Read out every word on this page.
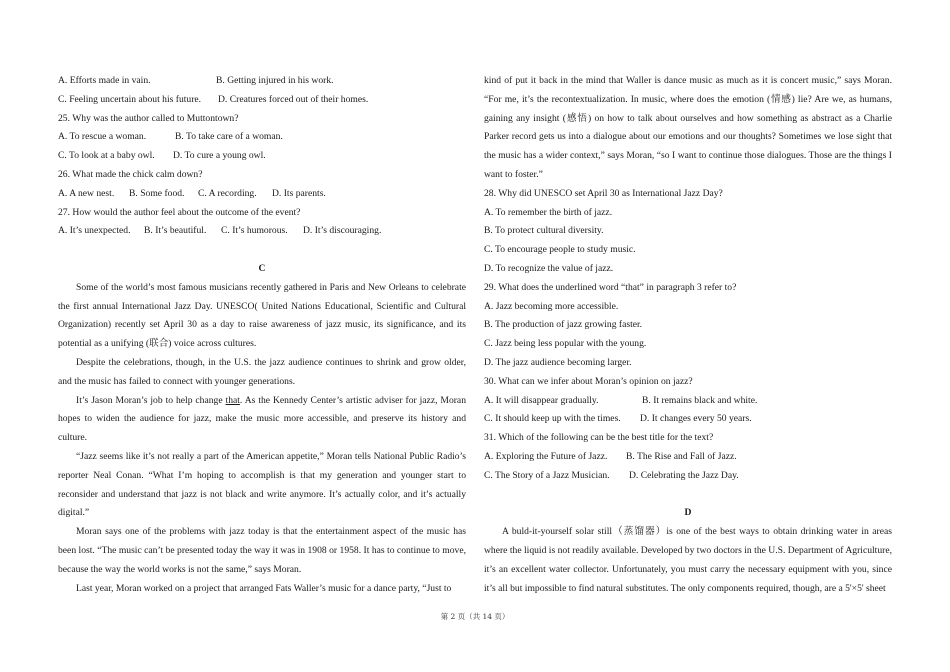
A. Efforts made in vain.	B. Getting injured in his work.
C. Feeling uncertain about his future. D. Creatures forced out of their homes.
25. Why was the author called to Muttontown?
A. To rescue a woman.	B. To take care of a woman.
C. To look at a baby owl. D. To cure a young owl.
26. What made the chick calm down?
A. A new nest. B. Some food. C. A recording. D. Its parents.
27. How would the author feel about the outcome of the event?
A. It’s unexpected. B. It’s beautiful. C. It’s humorous. D. It’s discouraging.
C

Some of the world’s most famous musicians recently gathered in Paris and New Orleans to celebrate the first annual International Jazz Day. UNESCO( United Nations Educational, Scientific and Cultural Organization) recently set April 30 as a day to raise awareness of jazz music, its significance, and its potential as a unifying (联合) voice across cultures.

Despite the celebrations, though, in the U.S. the jazz audience continues to shrink and grow older, and the music has failed to connect with younger generations.

It’s Jason Moran’s job to help change that. As the Kennedy Center’s artistic adviser for jazz, Moran hopes to widen the audience for jazz, make the music more accessible, and preserve its history and culture.

“Jazz seems like it’s not really a part of the American appetite,” Moran tells National Public Radio’s reporter Neal Conan. “What I’m hoping to accomplish is that my generation and younger start to reconsider and understand that jazz is not black and write anymore. It’s actually color, and it’s actually digital.”

Moran says one of the problems with jazz today is that the entertainment aspect of the music has been lost. “The music can’t be presented today the way it was in 1908 or 1958. It has to continue to move, because the way the world works is not the same,” says Moran.

Last year, Moran worked on a project that arranged Fats Waller’s music for a dance party, “Just to

kind of put it back in the mind that Waller is dance music as much as it is concert music,” says Moran. “For me, it’s the recontextualization. In music, where does the emotion (情感) lie? Are we, as humans, gaining any insight (感悟) on how to talk about ourselves and how something as abstract as a Charlie Parker record gets us into a dialogue about our emotions and our thoughts? Sometimes we lose sight that the music has a wider context,” says Moran, “so I want to continue those dialogues. Those are the things I want to foster.”

28. Why did UNESCO set April 30 as International Jazz Day?
A. To remember the birth of jazz.
B. To protect cultural diversity.
C. To encourage people to study music.
D. To recognize the value of jazz.
29. What does the underlined word “that” in paragraph 3 refer to?
A. Jazz becoming more accessible.
B. The production of jazz growing faster.
C. Jazz being less popular with the young.
D. The jazz audience becoming larger.
30. What can we infer about Moran’s opinion on jazz?
A. It will disappear gradually.	B. It remains black and white.
C. It should keep up with the times. D. It changes every 50 years.
31. Which of the following can be the best title for the text?
A. Exploring the Future of Jazz. B. The Rise and Fall of Jazz.
C. The Story of a Jazz Musician. D. Celebrating the Jazz Day.
D

A buld-it-yourself solar still（蒸馏器）is one of the best ways to obtain drinking water in areas where the liquid is not readily available. Developed by two doctors in the U.S. Department of Agriculture, it’s an excellent water collector. Unfortunately, you must carry the necessary equipment with you, since it’s all but impossible to find natural substitutes. The only components required, though, are a 5'×5' sheet

第 2 页（共 14 页）
